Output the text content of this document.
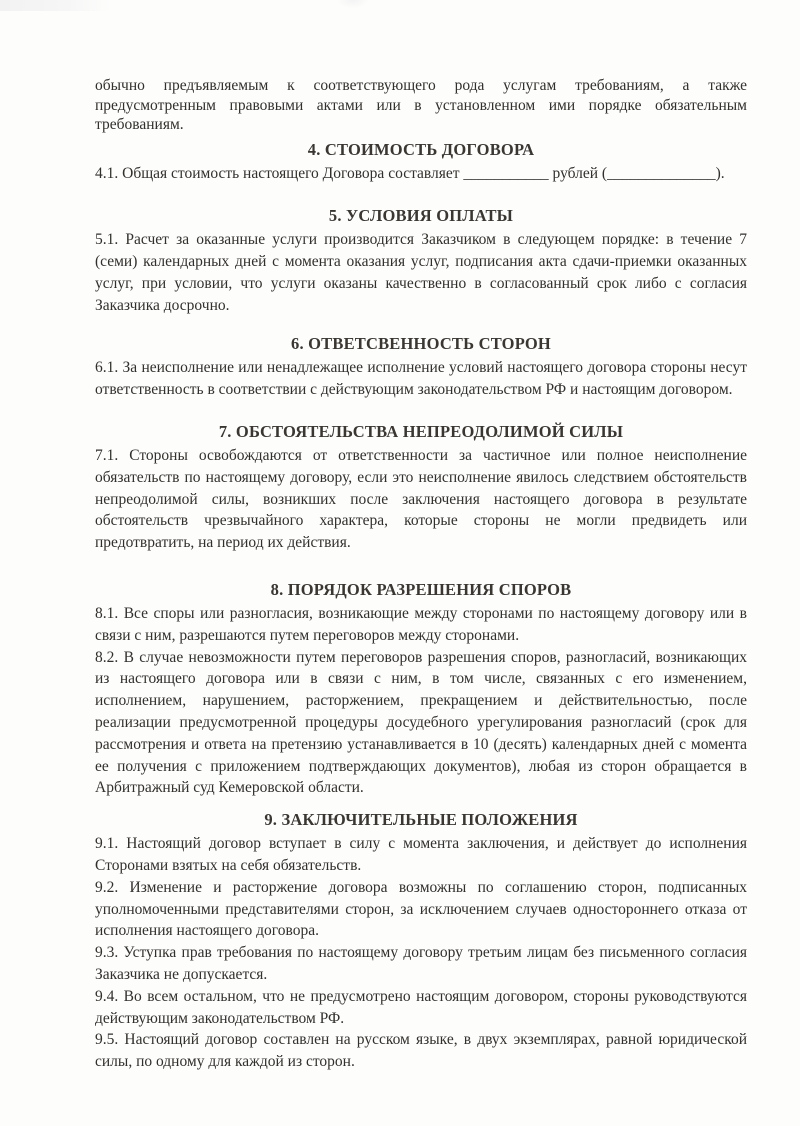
обычно предъявляемым к соответствующего рода услугам требованиям, а также предусмотренным правовыми актами или в установленном ими порядке обязательным требованиям.

4. СТОИМОСТЬ ДОГОВОРА

4.1. Общая стоимость настоящего Договора составляет ___________ рублей (______________).

5. УСЛОВИЯ ОПЛАТЫ

5.1. Расчет за оказанные услуги производится Заказчиком в следующем порядке: в течение 7 (семи) календарных дней с момента оказания услуг, подписания акта сдачи-приемки оказанных услуг, при условии, что услуги оказаны качественно в согласованный срок либо с согласия Заказчика досрочно.

6. ОТВЕТСВЕННОСТЬ СТОРОН

6.1. За неисполнение или ненадлежащее исполнение условий настоящего договора стороны несут ответственность в соответствии с действующим законодательством РФ и настоящим договором.

7. ОБСТОЯТЕЛЬСТВА НЕПРЕОДОЛИМОЙ СИЛЫ

7.1. Стороны освобождаются от ответственности за частичное или полное неисполнение обязательств по настоящему договору, если это неисполнение явилось следствием обстоятельств непреодолимой силы, возникших после заключения настоящего договора в результате обстоятельств чрезвычайного характера, которые стороны не могли предвидеть или предотвратить, на период их действия.

8. ПОРЯДОК РАЗРЕШЕНИЯ СПОРОВ

8.1. Все споры или разногласия, возникающие между сторонами по настоящему договору или в связи с ним, разрешаются путем переговоров между сторонами.

8.2. В случае невозможности путем переговоров разрешения споров, разногласий, возникающих из настоящего договора или в связи с ним, в том числе, связанных с его изменением, исполнением, нарушением, расторжением, прекращением и действительностью, после реализации предусмотренной процедуры досудебного урегулирования разногласий (срок для рассмотрения и ответа на претензию устанавливается в 10 (десять) календарных дней с момента ее получения с приложением подтверждающих документов), любая из сторон обращается в Арбитражный суд Кемеровской области.

9. ЗАКЛЮЧИТЕЛЬНЫЕ ПОЛОЖЕНИЯ

9.1. Настоящий договор вступает в силу с момента заключения, и действует до исполнения Сторонами взятых на себя обязательств.

9.2. Изменение и расторжение договора возможны по соглашению сторон, подписанных уполномоченными представителями сторон, за исключением случаев одностороннего отказа от исполнения настоящего договора.

9.3. Уступка прав требования по настоящему договору третьим лицам без письменного согласия Заказчика не допускается.

9.4. Во всем остальном, что не предусмотрено настоящим договором, стороны руководствуются действующим законодательством РФ.

9.5. Настоящий договор составлен на русском языке, в двух экземплярах, равной юридической силы, по одному для каждой из сторон.
